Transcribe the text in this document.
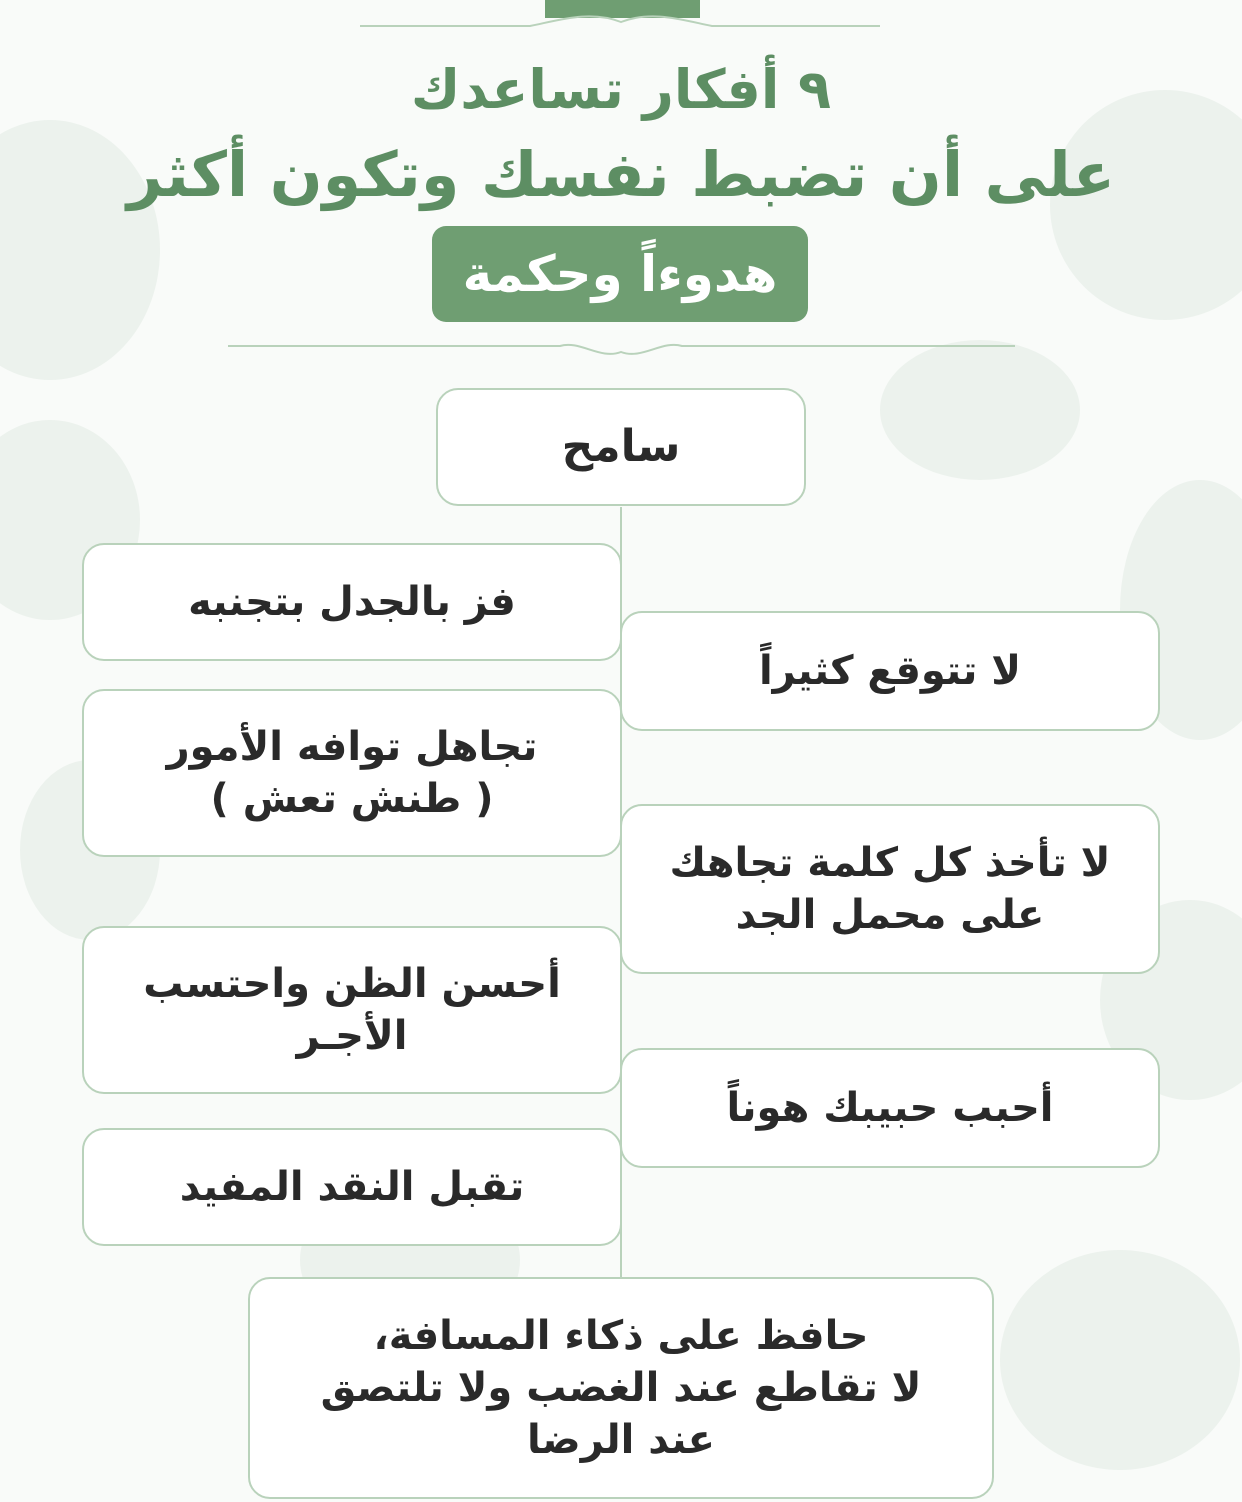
٩ أفكار تساعدك
على أن تضبط نفسك وتكون أكثر
هدوءاً وحكمة
سامح
فز بالجدل بتجنبه
تجاهل توافه الأمور
( طنش تعش )
أحسن الظن واحتسب
الأجـر
تقبل النقد المفيد
لا تتوقع كثيراً
لا تأخذ كل كلمة تجاهك
على محمل الجد
أحبب حبيبك هوناً
حافظ على ذكاء المسافة،
لا تقاطع عند الغضب ولا تلتصق
عند الرضا
